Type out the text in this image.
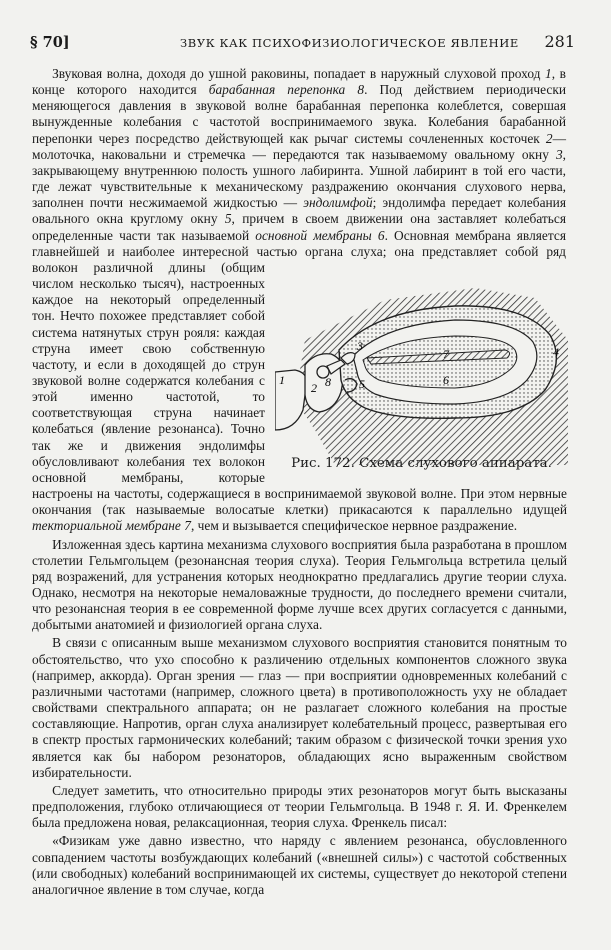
§ 70]	ЗВУК КАК ПСИХОФИЗИОЛОГИЧЕСКОЕ ЯВЛЕНИЕ 281

Звуковая волна, доходя до ушной раковины, попадает в наружный слуховой проход 1, в конце которого находится барабанная перепонка 8. Под действием периодически меняющегося давления в звуковой волне барабанная перепонка колеблется, совершая вынужденные колебания с частотой воспринимаемого звука. Колебания барабанной перепонки через посредство действующей как рычаг системы сочлененных косточек 2— молоточка, наковальни и стремечка — передаются так называемому овальному окну 3, закрывающему внутреннюю полость ушного лабиринта. Ушной лабиринт в той его части, где лежат чувствительные к механическому раздражению окончания слухового нерва, заполнен почти несжимаемой жидкостью — эндолимфой; эндолимфа передает колебания овального окна круглому окну 5, причем в своем движении она заставляет колебаться определенные части так называемой основной мембраны 6. Основная мембрана является главнейшей и наиболее интересной частью органа слуха; она представляет собой ряд волокон различной длины (общим числом несколько тысяч), настроенных каждое на некоторый определенный тон. Нечто похожее представляет собой система натянутых струн рояля: каждая струна имеет свою собственную частоту, и если в доходящей до струн звуковой волне содержатся колебания с этой именно частотой, то соответствующая струна начинает колебаться (явление резонанса). Точно так же и движения эндолимфы обусловливают колебания тех волокон основной мембраны, которые настроены на частоты, содержащиеся в воспринимаемой звуковой волне. При этом нервные окончания (так называемые волосатые клетки) прикасаются к параллельно идущей текториальной мембране 7, чем и вызывается специфическое нервное раздражение.

Изложенная здесь картина механизма слухового восприятия была разработана в прошлом столетии Гельмгольцем (резонансная теория слуха). Теория Гельмгольца встретила целый ряд возражений, для устранения которых неоднократно предлагались другие теории слуха. Однако, несмотря на некоторые немаловажные трудности, до последнего времени считали, что резонансная теория в ее современной форме лучше всех других согласуется с данными, добытыми анатомией и физиологией органа слуха.

В связи с описанным выше механизмом слухового восприятия становится понятным то обстоятельство, что ухо способно к различению отдельных компонентов сложного звука (например, аккорда). Орган зрения — глаз — при восприятии одновременных колебаний с различными частотами (например, сложного цвета) в противоположность уху не обладает свойствами спектрального аппарата; он не разлагает сложного колебания на простые составляющие. Напротив, орган слуха анализирует колебательный процесс, развертывая его в спектр простых гармонических колебаний; таким образом с физической точки зрения ухо является как бы набором резонаторов, обладающих ясно выраженным свойством избирательности.

Следует заметить, что относительно природы этих резонаторов могут быть высказаны предположения, глубоко отличающиеся от теории Гельмгольца. В 1948 г. Я. И. Френкелем была предложена новая, релаксационная, теория слуха. Френкель писал:

«Физикам уже давно известно, что наряду с явлением резонанса, обусловленного совпадением частоты возбуждающих колебаний («внешней силы») с частотой собственных (или свободных) колебаний воспринимающей их системы, существует до некоторой степени аналогичное явление в том случае, когда

1
2 8
3
5
7
6
4
Рис. 172. Схема слухового аппарата.
